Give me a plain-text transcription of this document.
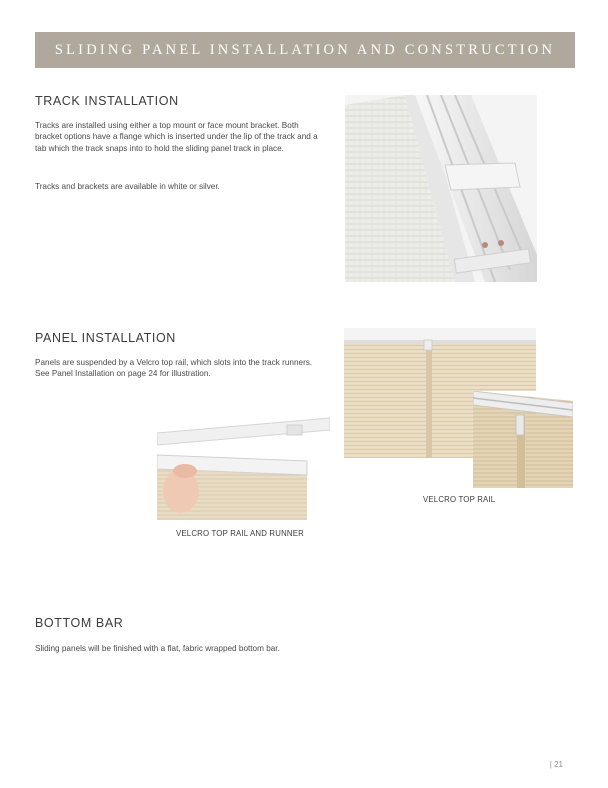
SLIDING PANEL INSTALLATION AND CONSTRUCTION
TRACK INSTALLATION

Tracks are installed using either a top mount or face mount bracket. Both bracket options have a flange which is inserted under the lip of the track and a tab which the track snaps into to hold the sliding panel track in place.

Tracks and brackets are available in white or silver.

PANEL INSTALLATION

Panels are suspended by a Velcro top rail, which slots into the track runners. See Panel Installation on page 24 for illustration.

VELCRO TOP RAIL AND RUNNER
VELCRO TOP RAIL
BOTTOM BAR

Sliding panels will be finished with a flat, fabric wrapped bottom bar.

| 21
